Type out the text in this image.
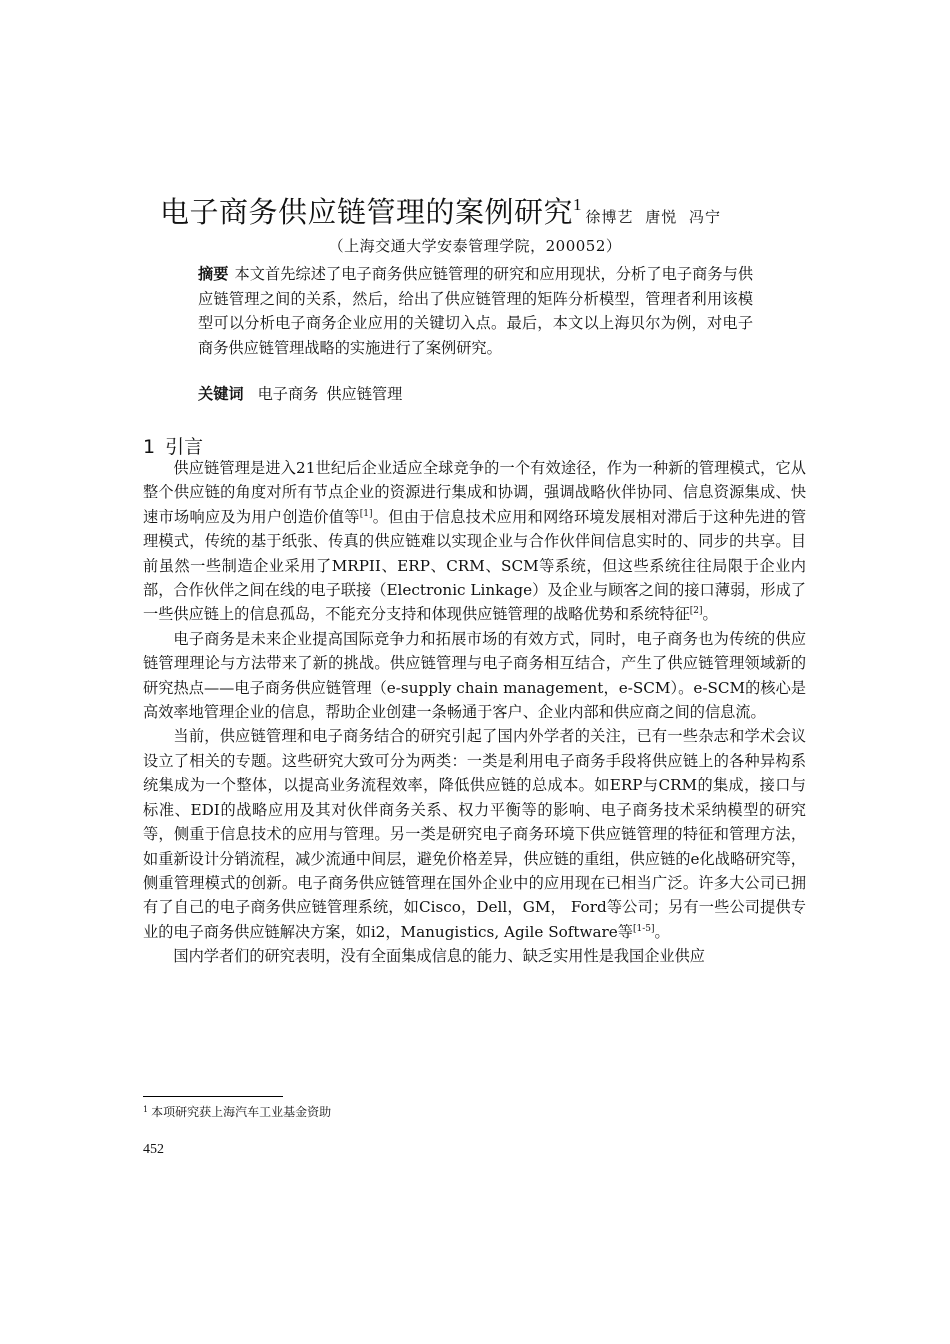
电子商务供应链管理的案例研究1徐博艺 唐悦 冯宁
（上海交通大学安泰管理学院，200052）
摘要 本文首先综述了电子商务供应链管理的研究和应用现状，分析了电子商务与供应链管理之间的关系，然后，给出了供应链管理的矩阵分析模型，管理者利用该模型可以分析电子商务企业应用的关键切入点。最后，本文以上海贝尔为例，对电子商务供应链管理战略的实施进行了案例研究。
关键词 电子商务 供应链管理
1 引言

供应链管理是进入21世纪后企业适应全球竞争的一个有效途径，作为一种新的管理模式，它从整个供应链的角度对所有节点企业的资源进行集成和协调，强调战略伙伴协同、信息资源集成、快速市场响应及为用户创造价值等[1]。但由于信息技术应用和网络环境发展相对滞后于这种先进的管理模式，传统的基于纸张、传真的供应链难以实现企业与合作伙伴间信息实时的、同步的共享。目前虽然一些制造企业采用了MRPII、ERP、CRM、SCM等系统，但这些系统往往局限于企业内部，合作伙伴之间在线的电子联接（Electronic Linkage）及企业与顾客之间的接口薄弱，形成了一些供应链上的信息孤岛，不能充分支持和体现供应链管理的战略优势和系统特征[2]。

电子商务是未来企业提高国际竞争力和拓展市场的有效方式，同时，电子商务也为传统的供应链管理理论与方法带来了新的挑战。供应链管理与电子商务相互结合，产生了供应链管理领域新的研究热点——电子商务供应链管理（e-supply chain management，e-SCM）。e-SCM的核心是高效率地管理企业的信息，帮助企业创建一条畅通于客户、企业内部和供应商之间的信息流。

当前，供应链管理和电子商务结合的研究引起了国内外学者的关注，已有一些杂志和学术会议设立了相关的专题。这些研究大致可分为两类：一类是利用电子商务手段将供应链上的各种异构系统集成为一个整体，以提高业务流程效率，降低供应链的总成本。如ERP与CRM的集成，接口与标准、EDI的战略应用及其对伙伴商务关系、权力平衡等的影响、电子商务技术采纳模型的研究等，侧重于信息技术的应用与管理。另一类是研究电子商务环境下供应链管理的特征和管理方法，如重新设计分销流程，减少流通中间层，避免价格差异，供应链的重组，供应链的e化战略研究等，侧重管理模式的创新。电子商务供应链管理在国外企业中的应用现在已相当广泛。许多大公司已拥有了自己的电子商务供应链管理系统，如Cisco，Dell，GM， Ford等公司；另有一些公司提供专业的电子商务供应链解决方案，如i2，Manugistics, Agile Software等[1-5]。

国内学者们的研究表明，没有全面集成信息的能力、缺乏实用性是我国企业供应

$^1$ 本项研究获上海汽车工业基金资助
452
